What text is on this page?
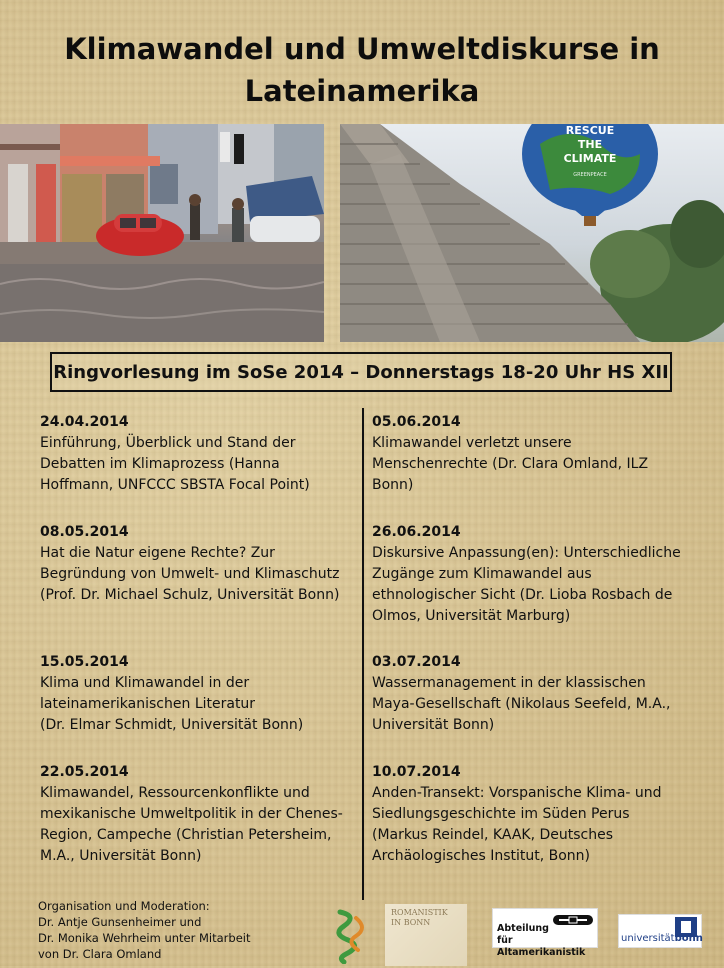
Klimawandel und Umweltdiskurse in
Lateinamerika
RESCUE
THE
CLIMATE
GREENPEACE
Ringvorlesung im SoSe 2014 – Donnerstags 18-20 Uhr HS XII
24.04.2014
Einführung, Überblick und Stand der
Debatten im Klimaprozess (Hanna
Hoffmann, UNFCCC SBSTA Focal Point)
08.05.2014
Hat die Natur eigene Rechte? Zur
Begründung von Umwelt- und Klimaschutz
(Prof. Dr. Michael Schulz, Universität Bonn)
15.05.2014
Klima und Klimawandel in der
lateinamerikanischen Literatur
(Dr. Elmar Schmidt, Universität Bonn)
22.05.2014
Klimawandel, Ressourcenkonflikte und
mexikanische Umweltpolitik in der Chenes-
Region, Campeche (Christian Petersheim,
M.A., Universität Bonn)
05.06.2014
Klimawandel verletzt unsere
Menschenrechte (Dr. Clara Omland, ILZ
Bonn)
26.06.2014
Diskursive Anpassung(en): Unterschiedliche
Zugänge zum Klimawandel aus
ethnologischer Sicht (Dr. Lioba Rosbach de
Olmos, Universität Marburg)
03.07.2014
Wassermanagement in der klassischen
Maya-Gesellschaft (Nikolaus Seefeld, M.A.,
Universität Bonn)
10.07.2014
Anden-Transekt: Vorspanische Klima- und
Siedlungsgeschichte im Süden Perus
(Markus Reindel, KAAK, Deutsches
Archäologisches Institut, Bonn)
Organisation und Moderation:
Dr. Antje Gunsenheimer und
Dr. Monika Wehrheim unter Mitarbeit
von Dr. Clara Omland
ROMANISTIK
IN BONN
Abteilung
für Altamerikanistik
universitätbonn
